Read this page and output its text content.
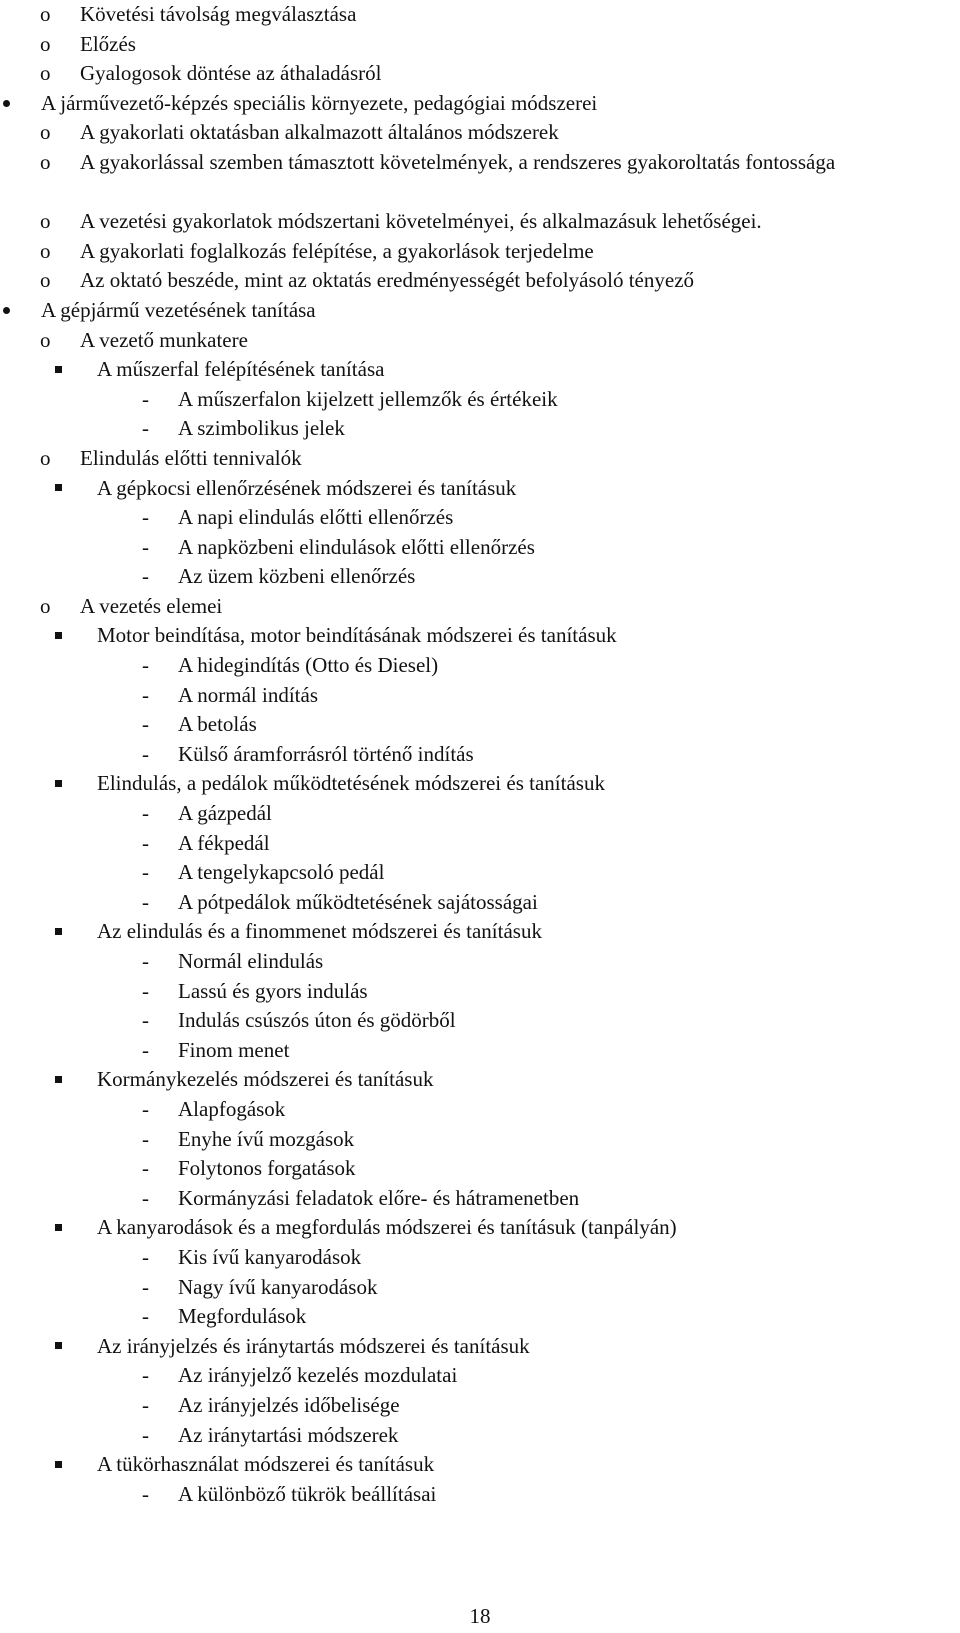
o Követési távolság megválasztása
o Előzés
o Gyalogosok döntése az áthaladásról
A járművezető-képzés speciális környezete, pedagógiai módszerei
o A gyakorlati oktatásban alkalmazott általános módszerek
o A gyakorlással szemben támasztott követelmények, a rendszeres gyakoroltatás fontossága
o A vezetési gyakorlatok módszertani követelményei, és alkalmazásuk lehetőségei.
o A gyakorlati foglalkozás felépítése, a gyakorlások terjedelme
o Az oktató beszéde, mint az oktatás eredményességét befolyásoló tényező
A gépjármű vezetésének tanítása
o A vezető munkatere
A műszerfal felépítésének tanítása
- A műszerfalon kijelzett jellemzők és értékeik
- A szimbolikus jelek
o Elindulás előtti tennivalók
A gépkocsi ellenőrzésének módszerei és tanításuk
- A napi elindulás előtti ellenőrzés
- A napközbeni elindulások előtti ellenőrzés
- Az üzem közbeni ellenőrzés
o A vezetés elemei
Motor beindítása, motor beindításának módszerei és tanításuk
- A hidegindítás (Otto és Diesel)
- A normál indítás
- A betolás
- Külső áramforrásról történő indítás
Elindulás, a pedálok működtetésének módszerei és tanításuk
- A gázpedál
- A fékpedál
- A tengelykapcsoló pedál
- A pótpedálok működtetésének sajátosságai
Az elindulás és a finommenet módszerei és tanításuk
- Normál elindulás
- Lassú és gyors indulás
- Indulás csúszós úton és gödörből
- Finom menet
Kormánykezelés módszerei és tanításuk
- Alapfogások
- Enyhe ívű mozgások
- Folytonos forgatások
- Kormányzási feladatok előre- és hátramenetben
A kanyarodások és a megfordulás módszerei és tanításuk (tanpályán)
- Kis ívű kanyarodások
- Nagy ívű kanyarodások
- Megfordulások
Az irányjelzés és iránytartás módszerei és tanításuk
- Az irányjelző kezelés mozdulatai
- Az irányjelzés időbelisége
- Az iránytartási módszerek
A tükörhasználat módszerei és tanításuk
- A különböző tükrök beállításai
18
